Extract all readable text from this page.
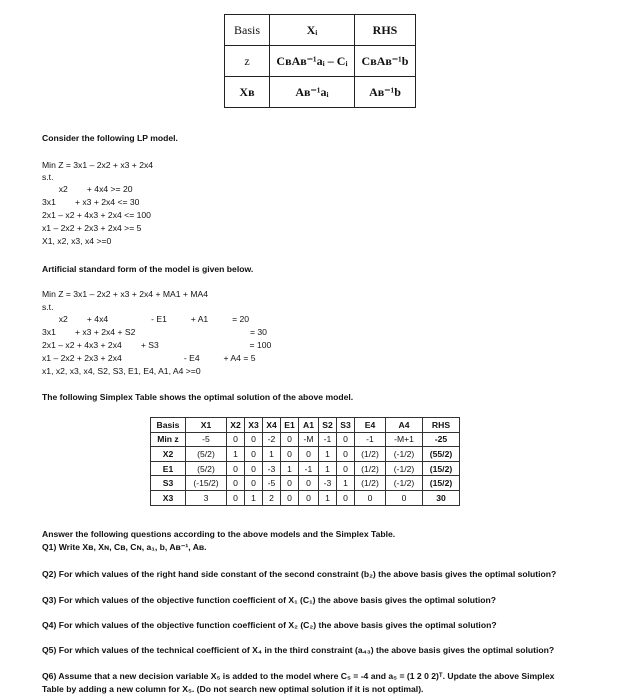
Basis	Xᵢ	RHS
z	CʙAʙ⁻¹aᵢ – Cᵢ	CʙAʙ⁻¹b
Xʙ	Aʙ⁻¹aᵢ	Aʙ⁻¹b

Consider the following LP model.

Min Z = 3x1 – 2x2 + x3 + 2x4

s.t.

x2        + 4x4 >= 20

3x1        + x3 + 2x4 <= 30

2x1 – x2 + 4x3 + 2x4 <= 100

x1 – 2x2 + 2x3 + 2x4 >= 5

X1, x2, x3, x4 >=0

Artificial standard form of the model is given below.

Min Z = 3x1 – 2x2 + x3 + 2x4 + MA1 + MA4

s.t.

x2        + 4x4                  - E1          + A1          = 20

3x1        + x3 + 2x4 + S2                                                = 30

2x1 – x2 + 4x3 + 2x4        + S3                                      = 100

x1 – 2x2 + 2x3 + 2x4                          - E4          + A4 = 5

x1, x2, x3, x4, S2, S3, E1, E4, A1, A4 >=0

The following Simplex Table shows the optimal solution of the above model.

Basis	X1	X2	X3	X4	E1	A1	S2	S3	E4	A4	RHS
Min z	-5	0	0	-2	0	-M	-1	0	-1	-M+1	-25
X2	(5/2)	1	0	1	0	0	1	0	(1/2)	(-1/2)	(55/2)
E1	(5/2)	0	0	-3	1	-1	1	0	(1/2)	(-1/2)	(15/2)
S3	(-15/2)	0	0	-5	0	0	-3	1	(1/2)	(-1/2)	(15/2)
X3	3	0	1	2	0	0	1	0	0	0	30

Answer the following questions according to the above models and the Simplex Table.

Q1) Write Xʙ, Xɴ, Cʙ, Cɴ, a₁, b, Aʙ⁻¹, Aʙ.

Q2) For which values of the right hand side constant of the second constraint (b₂) the above basis gives the optimal solution?

Q3) For which values of the objective function coefficient of X₁ (C₁) the above basis gives the optimal solution?

Q4) For which values of the objective function coefficient of X₂ (C₂) the above basis gives the optimal solution?

Q5) For which values of the technical coefficient of X₄ in the third constraint (a₄₃) the above basis gives the optimal solution?

Q6) Assume that a new decision variable X₅ is added to the model where C₅ = -4 and a₅ = (1 2 0 2)ᵀ. Update the above Simplex

Table by adding a new column for X₅. (Do not search new optimal solution if it is not optimal).
